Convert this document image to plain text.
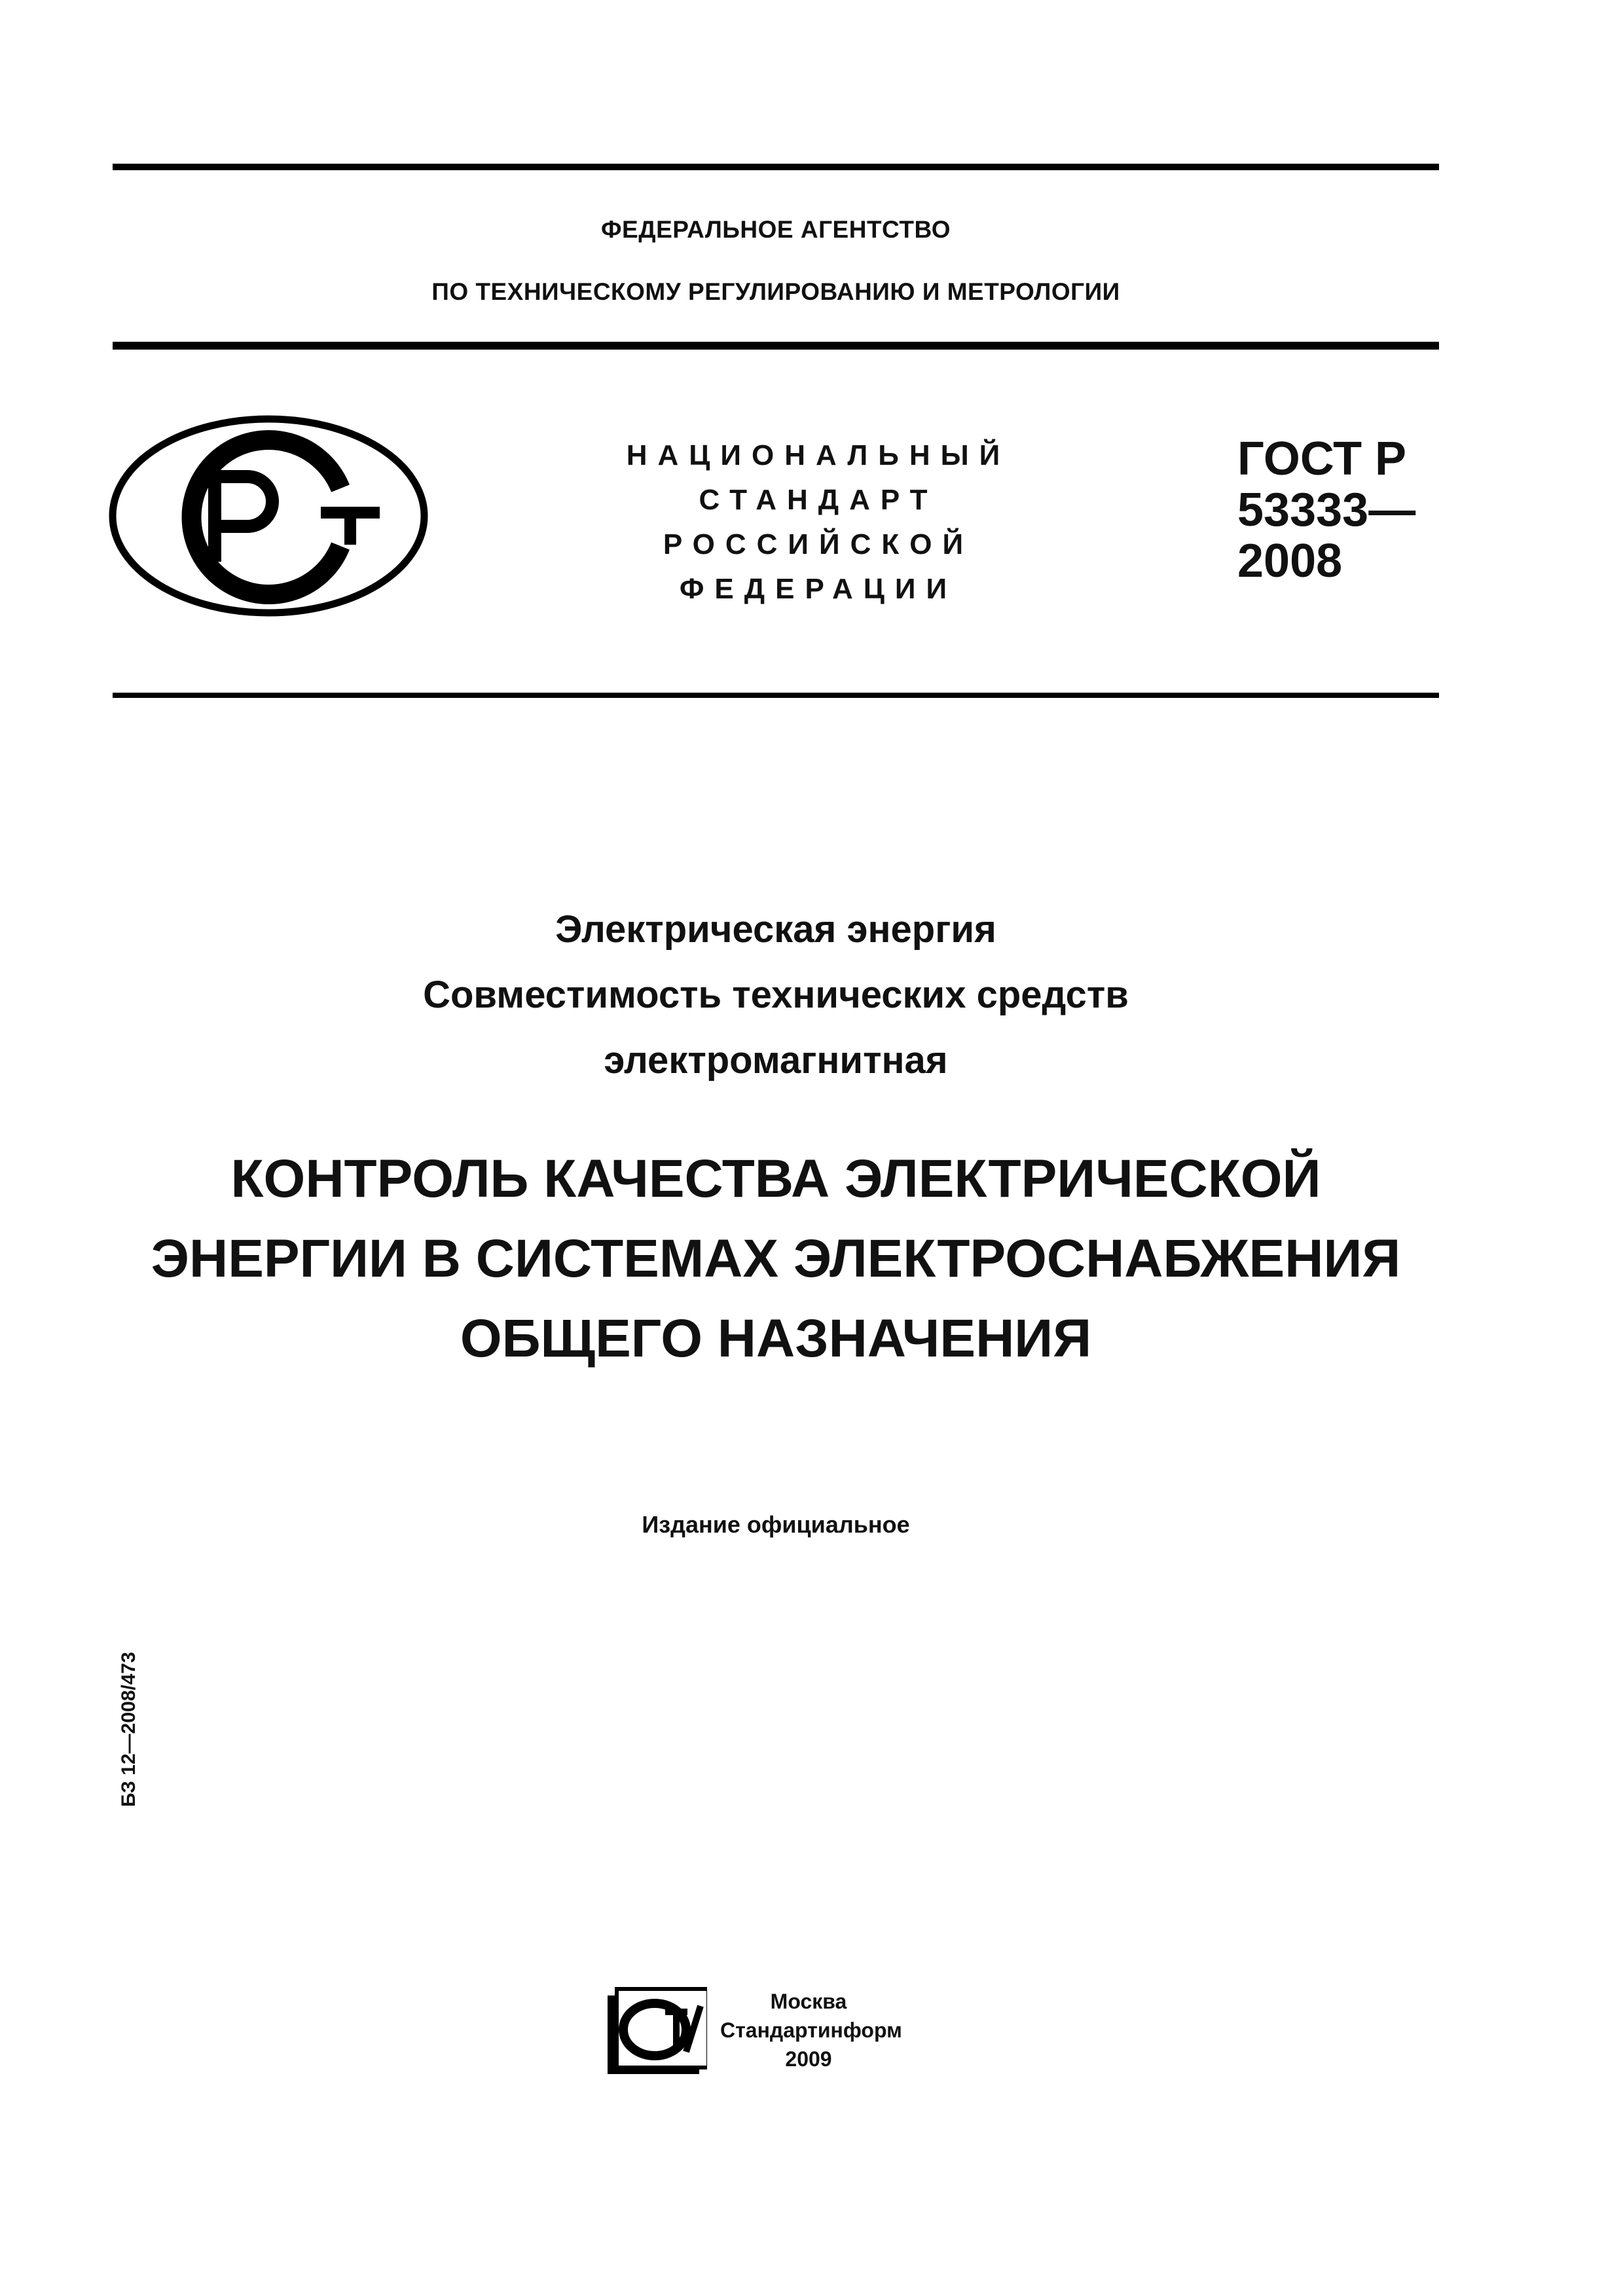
ФЕДЕРАЛЬНОЕ АГЕНТСТВО
ПО ТЕХНИЧЕСКОМУ РЕГУЛИРОВАНИЮ И МЕТРОЛОГИИ
НАЦИОНАЛЬНЫЙ
СТАНДАРТ
РОССИЙСКОЙ
ФЕДЕРАЦИИ
ГОСТ Р
53333—
2008
Электрическая энергия
Совместимость технических средств
электромагнитная
КОНТРОЛЬ КАЧЕСТВА ЭЛЕКТРИЧЕСКОЙ
ЭНЕРГИИ В СИСТЕМАХ ЭЛЕКТРОСНАБЖЕНИЯ
ОБЩЕГО НАЗНАЧЕНИЯ
Издание официальное
БЗ 12—2008/473
Москва
Стандартинформ
2009
